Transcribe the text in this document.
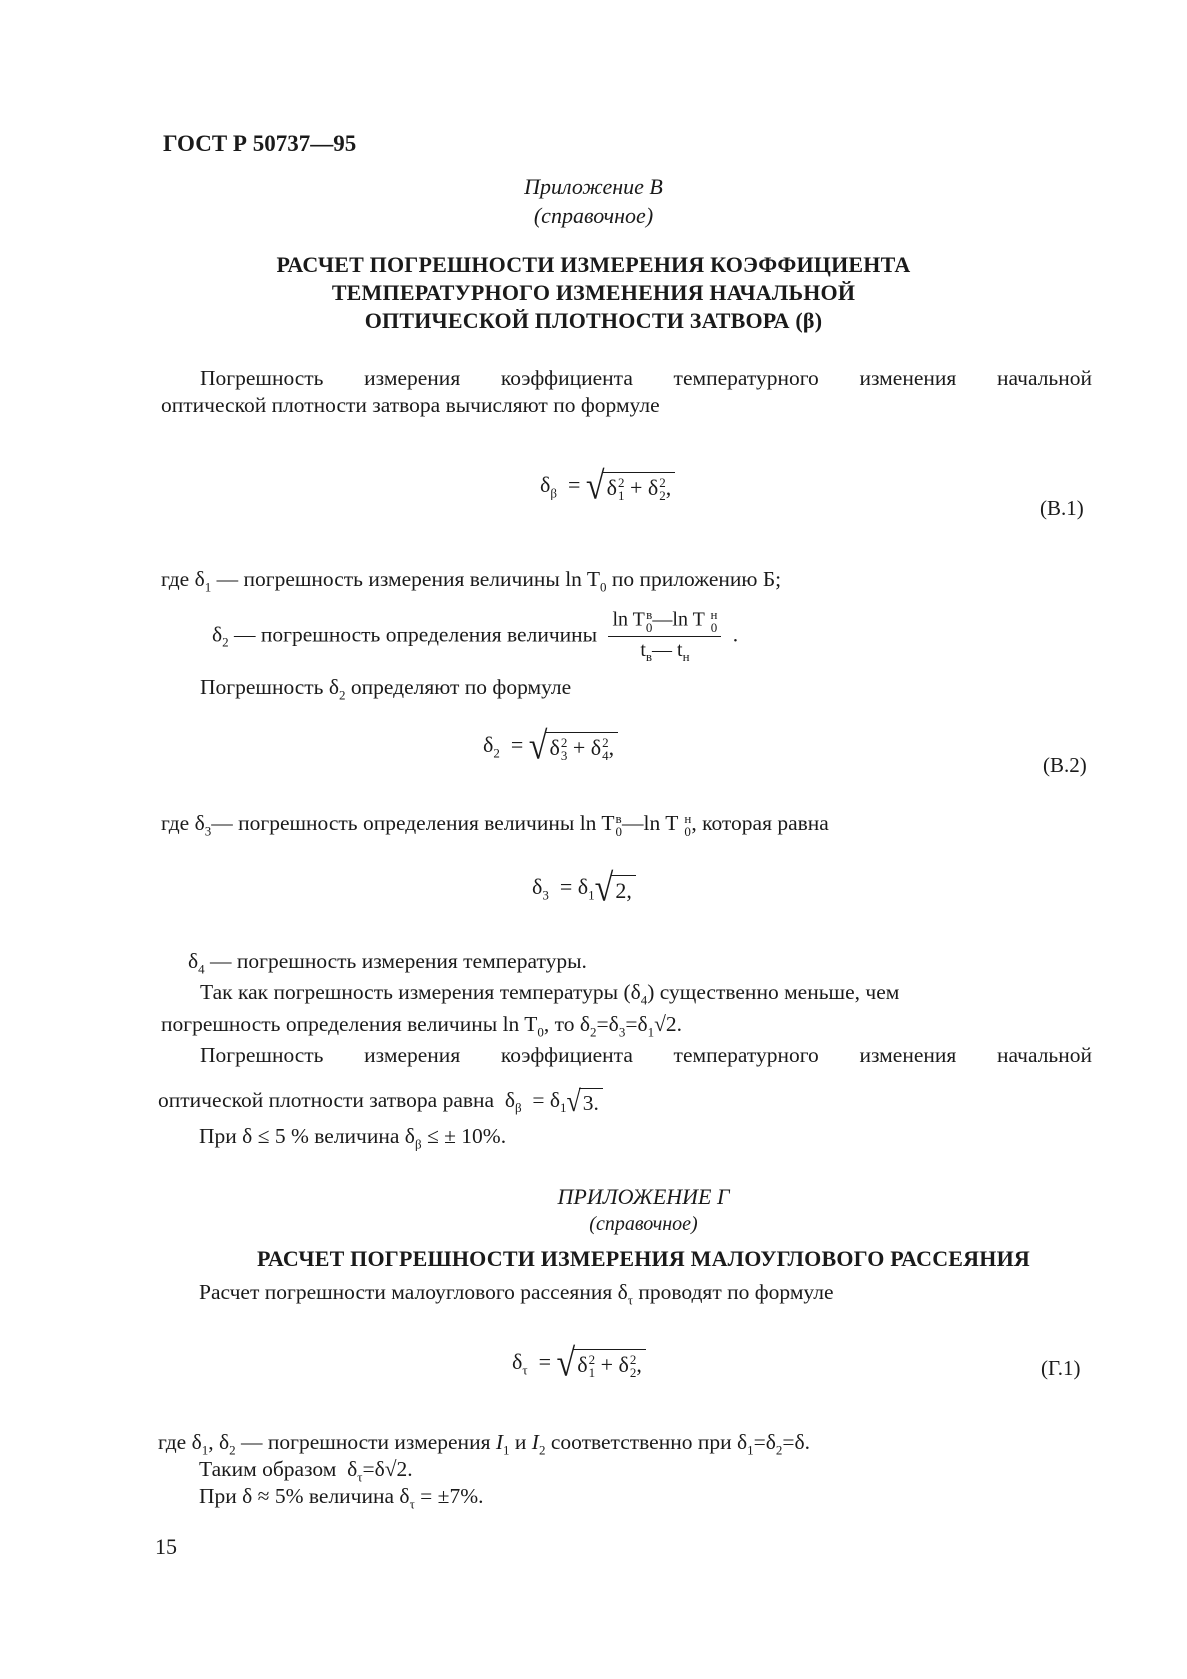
ГОСТ Р 50737—95
Приложение В
(справочное)
РАСЧЕТ ПОГРЕШНОСТИ ИЗМЕРЕНИЯ КОЭФФИЦИЕНТА
ТЕМПЕРАТУРНОГО ИЗМЕНЕНИЯ НАЧАЛЬНОЙ
ОПТИЧЕСКОЙ ПЛОТНОСТИ ЗАТВОРА (β)
Погрешность измерения коэффициента температурного изменения начальной
оптической плотности затвора вычисляют по формуле
$\delta_\beta = √\delta$ 2
1 + δ 2
2 ,
(В.1)
где $\delta_1$ — погрешность измерения величины $\ln T_0$ по приложению Б;
$\delta_2$ — погрешность определения величины ln T в
0 —ln T н
0
$t_в—$ $t_н$ .
Погрешность $\delta_2$ определяют по формуле
$\delta_2 = √\delta$ 2
3 + δ 2
4 ,
(В.2)
где $\delta_3—$ погрешность определения величины ln T в
0 —ln T н
0 , которая равна
$\delta_3 = \delta_1√2$,
$\delta_4$ — погрешность измерения температуры.
Так как погрешность измерения температуры $(\delta_4)$ существенно меньше, чем
погрешность определения величины $\ln T_0$, то $\delta_2=\delta_3=\delta_1√2$.
Погрешность измерения коэффициента температурного изменения начальной
оптической плотности затвора равна  $\delta_\beta = \delta_1√3$.
При δ ≤ 5 % величина $\delta_\beta$ ≤ ± 10%.
ПРИЛОЖЕНИЕ Г
(справочное)
РАСЧЕТ ПОГРЕШНОСТИ ИЗМЕРЕНИЯ МАЛОУГЛОВОГО РАССЕЯНИЯ
Расчет погрешности малоуглового рассеяния $\delta_\tau$ проводят по формуле
$\delta_\tau = √\delta$ 2
1 + δ 2
2 ,	(Г.1)
где $\delta_1$, $\delta_2$ — погрешности измерения $I_1$ и $I_2$ соответственно при $\delta_1=\delta_2=\delta$.
Таким образом  $\delta_\tau=\delta√2$.
При δ ≈ 5% величина $\delta_\tau = \pm 7\%$.
15
